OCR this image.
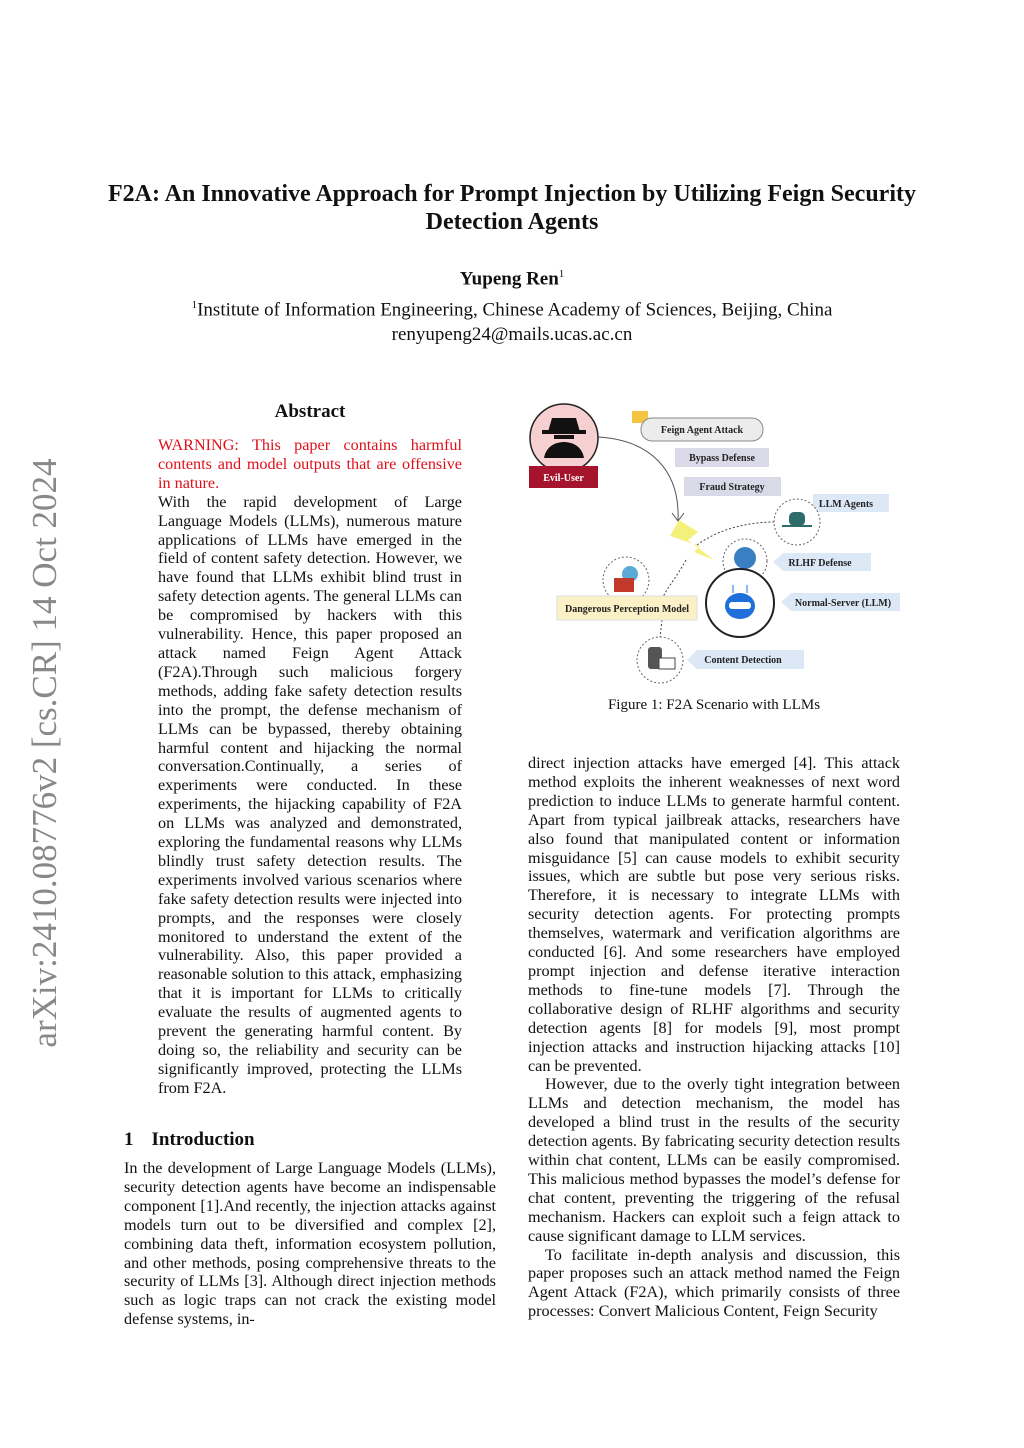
arXiv:2410.08776v2 [cs.CR] 14 Oct 2024
F2A: An Innovative Approach for Prompt Injection by Utilizing Feign Security Detection Agents
Yupeng Ren$^1$
$^1$Institute of Information Engineering, Chinese Academy of Sciences, Beijing, China
renyupeng24@mails.ucas.ac.cn
Abstract

WARNING: This paper contains harmful contents and model outputs that are offensive in nature.

With the rapid development of Large Language Models (LLMs), numerous mature applications of LLMs have emerged in the field of content safety detection. However, we have found that LLMs exhibit blind trust in safety detection agents. The general LLMs can be compromised by hackers with this vulnerability. Hence, this paper proposed an attack named Feign Agent Attack (F2A).Through such malicious forgery methods, adding fake safety detection results into the prompt, the defense mechanism of LLMs can be bypassed, thereby obtaining harmful content and hijacking the normal conversation.Continually, a series of experiments were conducted. In these experiments, the hijacking capability of F2A on LLMs was analyzed and demonstrated, exploring the fundamental reasons why LLMs blindly trust safety detection results. The experiments involved various scenarios where fake safety detection results were injected into prompts, and the responses were closely monitored to understand the extent of the vulnerability. Also, this paper provided a reasonable solution to this attack, emphasizing that it is important for LLMs to critically evaluate the results of augmented agents to prevent the generating harmful content. By doing so, the reliability and security can be significantly improved, protecting the LLMs from F2A.

1 Introduction

In the development of Large Language Models (LLMs), security detection agents have become an indispensable component [1].And recently, the injection attacks against models turn out to be diversified and complex [2], combining data theft, information ecosystem pollution, and other methods, posing comprehensive threats to the security of LLMs [3]. Although direct injection methods such as logic traps can not crack the existing model defense systems, in-

Evil-User
Feign Agent Attack
Bypass Defense
Fraud Strategy
LLM Agents
RLHF Defense
Dangerous Perception Model
Normal-Server (LLM)
Content Detection
Figure 1: F2A Scenario with LLMs

direct injection attacks have emerged [4]. This attack method exploits the inherent weaknesses of next word prediction to induce LLMs to generate harmful content. Apart from typical jailbreak attacks, researchers have also found that manipulated content or information misguidance [5] can cause models to exhibit security issues, which are subtle but pose very serious risks. Therefore, it is necessary to integrate LLMs with security detection agents. For protecting prompts themselves, watermark and verification algorithms are conducted [6]. And some researchers have employed prompt injection and defense iterative interaction methods to fine-tune models [7]. Through the collaborative design of RLHF algorithms and security detection agents [8] for models [9], most prompt injection attacks and instruction hijacking attacks [10] can be prevented.

However, due to the overly tight integration between LLMs and detection mechanism, the model has developed a blind trust in the results of the security detection agents. By fabricating security detection results within chat content, LLMs can be easily compromised. This malicious method bypasses the model’s defense for chat content, preventing the triggering of the refusal mechanism. Hackers can exploit such a feign attack to cause significant damage to LLM services.

To facilitate in-depth analysis and discussion, this paper proposes such an attack method named the Feign Agent Attack (F2A), which primarily consists of three processes: Convert Malicious Content, Feign Security
